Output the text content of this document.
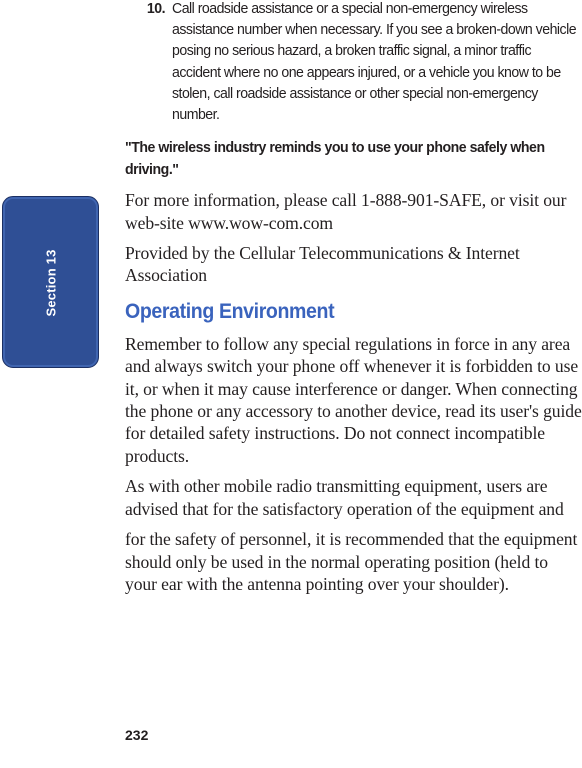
Section 13
10. Call roadside assistance or a special non-emergency wireless assistance number when necessary. If you see a broken-down vehicle posing no serious hazard, a broken traffic signal, a minor traffic accident where no one appears injured, or a vehicle you know to be stolen, call roadside assistance or other special non-emergency number.
"The wireless industry reminds you to use your phone safely when driving."
For more information, please call 1-888-901-SAFE, or visit our web-site www.wow-com.com
Provided by the Cellular Telecommunications & Internet Association
Operating Environment
Remember to follow any special regulations in force in any area and always switch your phone off whenever it is forbidden to use it, or when it may cause interference or danger. When connecting the phone or any accessory to another device, read its user's guide for detailed safety instructions. Do not connect incompatible products.
As with other mobile radio transmitting equipment, users are advised that for the satisfactory operation of the equipment and
for the safety of personnel, it is recommended that the equipment should only be used in the normal operating position (held to your ear with the antenna pointing over your shoulder).
232
